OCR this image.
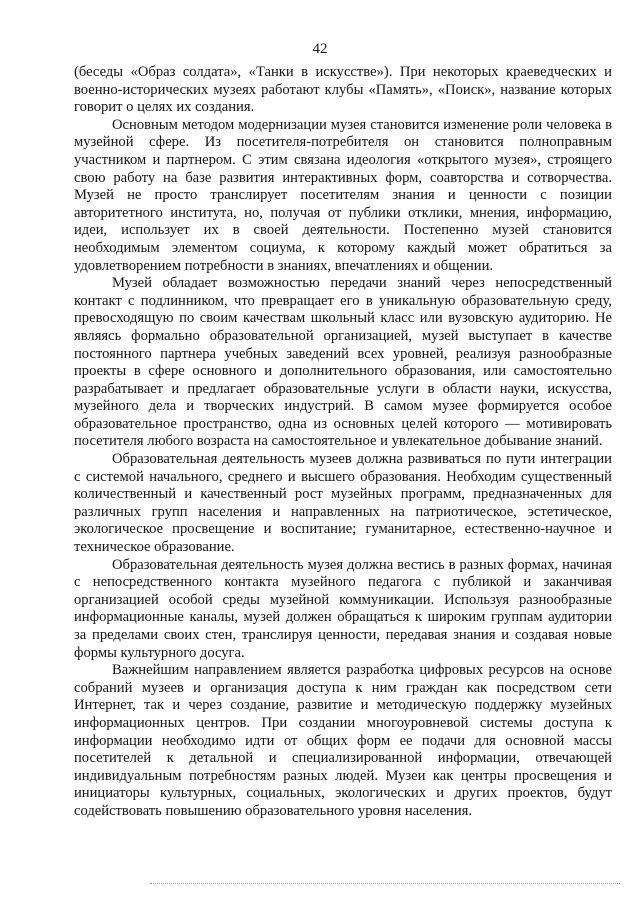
42

(беседы «Образ солдата», «Танки в искусстве»). При некоторых краеведческих и военно-исторических музеях работают клубы «Память», «Поиск», название которых говорит о целях их создания.

Основным методом модернизации музея становится изменение роли человека в музейной сфере. Из посетителя-потребителя он становится полноправным участником и партнером. С этим связана идеология «открытого музея», строящего свою работу на базе развития интерактивных форм, соавторства и сотворчества. Музей не просто транслирует посетителям знания и ценности с позиции авторитетного института, но, получая от публики отклики, мнения, информацию, идеи, использует их в своей деятельности. Постепенно музей становится необходимым элементом социума, к которому каждый может обратиться за удовлетворением потребности в знаниях, впечатлениях и общении.

Музей обладает возможностью передачи знаний через непосредственный контакт с подлинником, что превращает его в уникальную образовательную среду, превосходящую по своим качествам школьный класс или вузовскую аудиторию. Не являясь формально образовательной организацией, музей выступает в качестве постоянного партнера учебных заведений всех уровней, реализуя разнообразные проекты в сфере основного и дополнительного образования, или самостоятельно разрабатывает и предлагает образовательные услуги в области науки, искусства, музейного дела и творческих индустрий. В самом музее формируется особое образовательное пространство, одна из основных целей которого — мотивировать посетителя любого возраста на самостоятельное и увлекательное добывание знаний.

Образовательная деятельность музеев должна развиваться по пути интеграции с системой начального, среднего и высшего образования. Необходим существенный количественный и качественный рост музейных программ, предназначенных для различных групп населения и направленных на патриотическое, эстетическое, экологическое просвещение и воспитание; гуманитарное, естественно-научное и техническое образование.

Образовательная деятельность музея должна вестись в разных формах, начиная с непосредственного контакта музейного педагога с публикой и заканчивая организацией особой среды музейной коммуникации. Используя разнообразные информационные каналы, музей должен обращаться к широким группам аудитории за пределами своих стен, транслируя ценности, передавая знания и создавая новые формы культурного досуга.

Важнейшим направлением является разработка цифровых ресурсов на основе собраний музеев и организация доступа к ним граждан как посредством сети Интернет, так и через создание, развитие и методическую поддержку музейных информационных центров. При создании многоуровневой системы доступа к информации необходимо идти от общих форм ее подачи для основной массы посетителей к детальной и специализированной информации, отвечающей индивидуальным потребностям разных людей. Музеи как центры просвещения и инициаторы культурных, социальных, экологических и других проектов, будут содействовать повышению образовательного уровня населения.
